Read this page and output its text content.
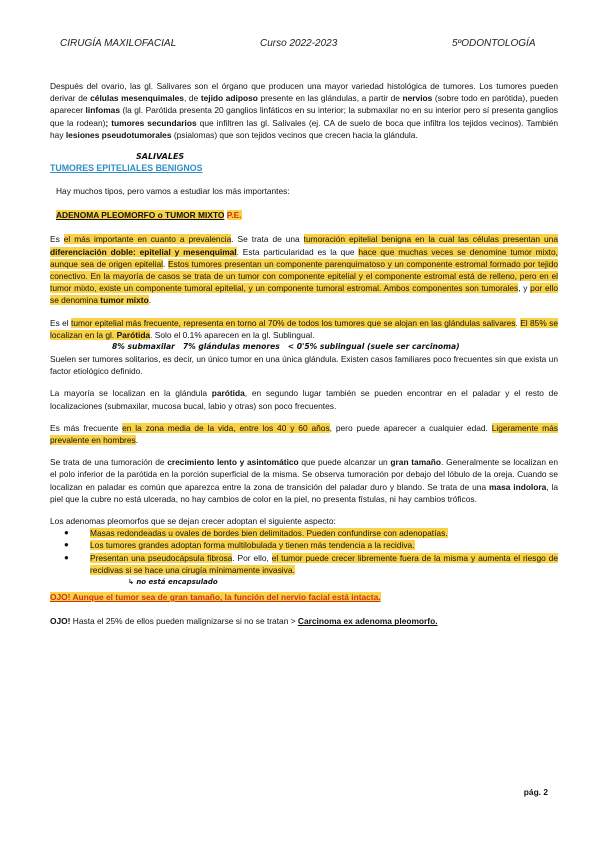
CIRUGÍA MAXILOFACIAL	Curso 2022-2023	5ºODONTOLOGÍA

Después del ovario, las gl. Salivares son el órgano que producen una mayor variedad histológica de tumores. Los tumores pueden derivar de células mesenquimales, de tejido adiposo presente en las glándulas, a partir de nervios (sobre todo en parótida), pueden aparecer linfomas (la gl. Parótida presenta 20 ganglios linfáticos en su interior; la submaxilar no en su interior pero sí presenta ganglios que la rodean); tumores secundarios que infiltren las gl. Salivales (ej. CA de suelo de boca que infiltra los tejidos vecinos). También hay lesiones pseudotumorales (psialomas) que son tejidos vecinos que crecen hacia la glándula.

SALIVALES
TUMORES EPITELIALES BENIGNOS

Hay muchos tipos, pero vamos a estudiar los más importantes:

ADENOMA PLEOMORFO o TUMOR MIXTO P.E.

Es el más importante en cuanto a prevalencia. Se trata de una tumoración epitelial benigna en la cual las células presentan una diferenciación doble: epitelial y mesenquimal. Esta particularidad es la que hace que muchas veces se denomine tumor mixto, aunque sea de origen epitelial. Estos tumores presentan un componente parenquimatoso y un componente estromal formado por tejido conectivo. En la mayoría de casos se trata de un tumor con componente epitelial y el componente estromal está de relleno, pero en el tumor mixto, existe un componente tumoral epitelial, y un componente tumoral estromal. Ambos componentes son tumorales, y por ello se denomina tumor mixto.

Es el tumor epitelial más frecuente, representa en torno al 70% de todos los tumores que se alojan en las glándulas salivares. El 85% se localizan en la gl. Parótida. Solo el 0.1% aparecen en la gl. Sublingual.

8% submaxilar   7% glándulas menores   < 0'5% sublingual (suele ser carcinoma)

Suelen ser tumores solitarios, es decir, un único tumor en una única glándula. Existen casos familiares poco frecuentes sin que exista un factor etiológico definido.

La mayoría se localizan en la glándula parótida, en segundo lugar también se pueden encontrar en el paladar y el resto de localizaciones (submaxilar, mucosa bucal, labio y otras) son poco frecuentes.

Es más frecuente en la zona media de la vida, entre los 40 y 60 años, pero puede aparecer a cualquier edad. Ligeramente más prevalente en hombres.

Se trata de una tumoración de crecimiento lento y asintomático que puede alcanzar un gran tamaño. Generalmente se localizan en el polo inferior de la parótida en la porción superficial de la misma. Se observa tumoración por debajo del lóbulo de la oreja. Cuando se localizan en paladar es común que aparezca entre la zona de transición del paladar duro y blando. Se trata de una masa indolora, la piel que la cubre no está ulcerada, no hay cambios de color en la piel, no presenta fístulas, ni hay cambios tróficos.

Los adenomas pleomorfos que se dejan crecer adoptan el siguiente aspecto:

●	Masas redondeadas u ovales de bordes bien delimitados. Pueden confundirse con adenopatías.
●	Los tumores grandes adoptan forma multilobulada y tienen más tendencia a la recidiva.
●	Presentan una pseudocápsula fibrosa. Por ello, el tumor puede crecer libremente fuera de la misma y aumenta el riesgo de recidivas si se hace una cirugía mínimamente invasiva.
↳ no está encapsulado

OJO! Aunque el tumor sea de gran tamaño, la función del nervio facial está intacta.

OJO! Hasta el 25% de ellos pueden malignizarse si no se tratan > Carcinoma ex adenoma pleomorfo.

pág. 2
